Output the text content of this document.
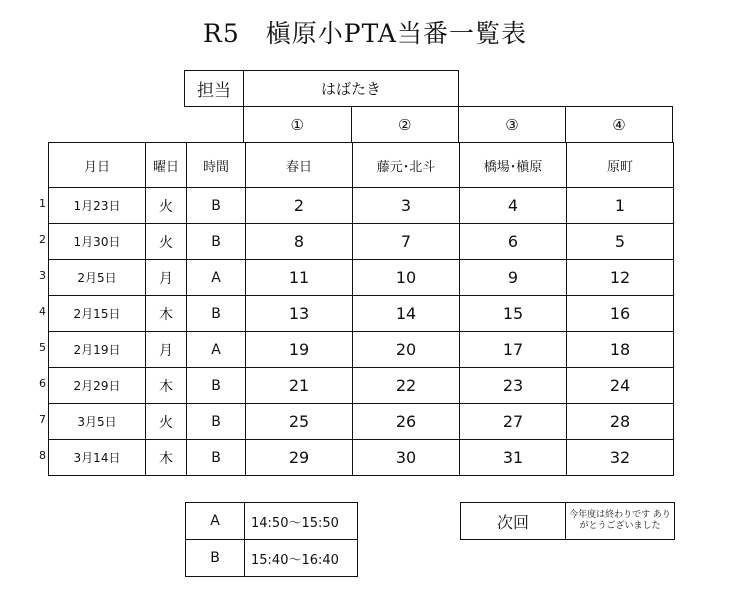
R5　槇原小PTA当番一覧表
		担当	はばたき			
			①	②	③	④
1
2
3
4
5
6
7
8
月日	曜日	時間	春日	藤元･北斗	橋場･槇原	原町
1月23日	火	B	2	3	4	1
1月30日	火	B	8	7	6	5
2月5日	月	A	11	10	9	12
2月15日	木	B	13	14	15	16
2月19日	月	A	19	20	17	18
2月29日	木	B	21	22	23	24
3月5日	火	B	25	26	27	28
3月14日	木	B	29	30	31	32
A	14:50〜15:50
B	15:40〜16:40
次回	今年度は終わりです ありがとうございました
